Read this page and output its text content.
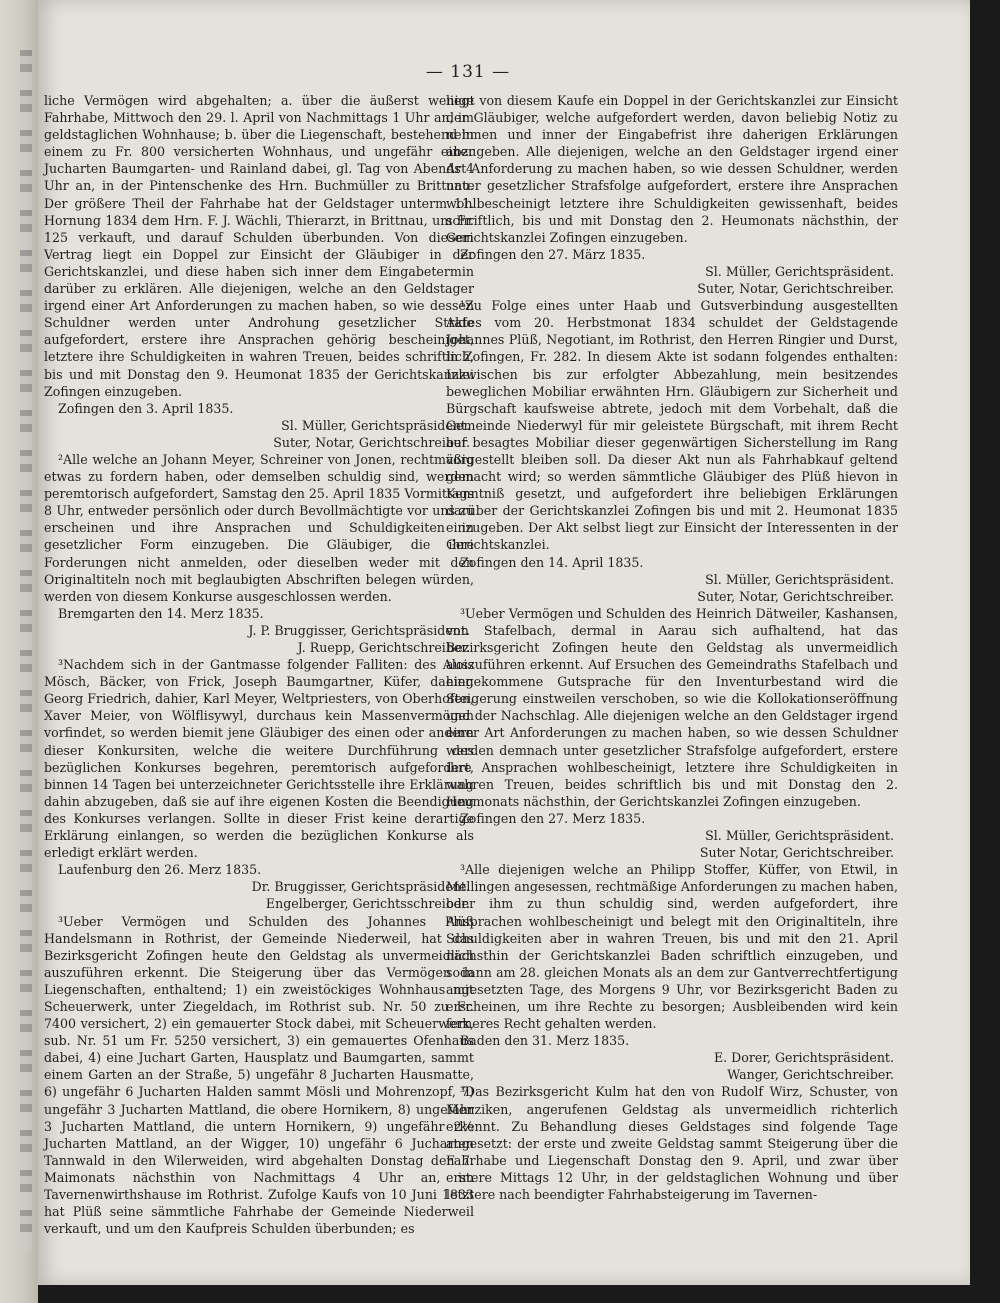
— 131 —

liche Vermögen wird abgehalten; a. über die äußerst wenige Fahrhabe, Mittwoch den 29. l. April von Nachmittags 1 Uhr an, im geldstaglichen Wohnhause; b. über die Liegenschaft, bestehend in einem zu Fr. 800 versicherten Wohnhaus, und ungefähr einer Jucharten Baumgarten- und Rainland dabei, gl. Tag von Abends 4 Uhr an, in der Pintenschenke des Hrn. Buchmüller zu Brittnau. Der größere Theil der Fahrhabe hat der Geldstager unterm 11. Hornung 1834 dem Hrn. F. J. Wächli, Thierarzt, in Brittnau, um Fr. 125 verkauft, und darauf Schulden überbunden. Von diesem Vertrag liegt ein Doppel zur Einsicht der Gläubiger in der Gerichtskanzlei, und diese haben sich inner dem Eingabetermin darüber zu erklären. Alle diejenigen, welche an den Geldstager irgend einer Art Anforderungen zu machen haben, so wie dessen Schuldner werden unter Androhung gesetzlicher Strafe aufgefordert, erstere ihre Ansprachen gehörig bescheiniget, letztere ihre Schuldigkeiten in wahren Treuen, beides schriftlich, bis und mit Donstag den 9. Heumonat 1835 der Gerichtskanzlei Zofingen einzugeben.

Zofingen den 3. April 1835.

Sl. Müller, Gerichtspräsident.

Suter, Notar, Gerichtschreiber.

²Alle welche an Johann Meyer, Schreiner von Jonen, rechtmäßig etwas zu fordern haben, oder demselben schuldig sind, werden peremtorisch aufgefordert, Samstag den 25. April 1835 Vormittags 8 Uhr, entweder persönlich oder durch Bevollmächtigte vor uns zu erscheinen und ihre Ansprachen und Schuldigkeiten in gesetzlicher Form einzugeben. Die Gläubiger, die ihre Forderungen nicht anmelden, oder dieselben weder mit den Originaltiteln noch mit beglaubigten Abschriften belegen würden, werden von diesem Konkurse ausgeschlossen werden.

Bremgarten den 14. Merz 1835.

J. P. Bruggisser, Gerichtspräsident.

J. Ruepp, Gerichtschreiber.

³Nachdem sich in der Gantmasse folgender Falliten: des Alois Mösch, Bäcker, von Frick, Joseph Baumgartner, Küfer, dahier, Georg Friedrich, dahier, Karl Meyer, Weltpriesters, von Oberhofen, Xaver Meier, von Wölflisywyl, durchaus kein Massenvermögen vorfindet, so werden biemit jene Gläubiger des einen oder andern dieser Konkursiten, welche die weitere Durchführung des bezüglichen Konkurses begehren, peremtorisch aufgefordert, binnen 14 Tagen bei unterzeichneter Gerichtsstelle ihre Erklärung dahin abzugeben, daß sie auf ihre eigenen Kosten die Beendigung des Konkurses verlangen. Sollte in dieser Frist keine derartige Erklärung einlangen, so werden die bezüglichen Konkurse als erledigt erklärt werden.

Laufenburg den 26. Merz 1835.

Dr. Bruggisser, Gerichtspräsident.

Engelberger, Gerichtsschreiber.

³Ueber Vermögen und Schulden des Johannes Plüß Handelsmann in Rothrist, der Gemeinde Niederweil, hat das Bezirksgericht Zofingen heute den Geldstag als unvermeidlich auszuführen erkennt. Die Steigerung über das Vermögen in Liegenschaften, enthaltend; 1) ein zweistöckiges Wohnhaus mit Scheuerwerk, unter Ziegeldach, im Rothrist sub. Nr. 50 zu Fr. 7400 versichert, 2) ein gemauerter Stock dabei, mit Scheuerwerk, sub. Nr. 51 um Fr. 5250 versichert, 3) ein gemauertes Ofenhaus dabei, 4) eine Juchart Garten, Hausplatz und Baumgarten, sammt einem Garten an der Straße, 5) ungefähr 8 Jucharten Hausmatte, 6) ungefähr 6 Jucharten Halden sammt Mösli und Mohrenzopf, 7) ungefähr 3 Jucharten Mattland, die obere Hornikern, 8) ungefähr 3 Jucharten Mattland, die untern Hornikern, 9) ungefähr 2½ Jucharten Mattland, an der Wigger, 10) ungefähr 6 Jucharten Tannwald in den Wilerweiden, wird abgehalten Donstag den 7. Maimonats nächsthin von Nachmittags 4 Uhr an, im Tavernenwirthshause im Rothrist. Zufolge Kaufs von 10 Juni 1833 hat Plüß seine sämmtliche Fahrhabe der Gemeinde Niederweil verkauft, und um den Kaufpreis Schulden überbunden; es

liegt von diesem Kaufe ein Doppel in der Gerichtskanzlei zur Einsicht der Gläubiger, welche aufgefordert werden, davon beliebig Notiz zu nehmen und inner der Eingabefrist ihre daherigen Erklärungen abzugeben. Alle diejenigen, welche an den Geldstager irgend einer Art Anforderung zu machen haben, so wie dessen Schuldner, werden unter gesetzlicher Strafsfolge aufgefordert, erstere ihre Ansprachen wohlbescheinigt letztere ihre Schuldigkeiten gewissenhaft, beides schriftlich, bis und mit Donstag den 2. Heumonats nächsthin, der Gerichtskanzlei Zofingen einzugeben.

Zofingen den 27. März 1835.

Sl. Müller, Gerichtspräsident.

Suter, Notar, Gerichtschreiber.

¹Zu Folge eines unter Haab und Gutsverbindung ausgestellten Aktes vom 20. Herbstmonat 1834 schuldet der Geldstagende Johannes Plüß, Negotiant, im Rothrist, den Herren Ringier und Durst, in Zofingen, Fr. 282. In diesem Akte ist sodann folgendes enthalten: Inzwischen bis zur erfolgter Abbezahlung, mein besitzendes beweglichen Mobiliar erwähnten Hrn. Gläubigern zur Sicherheit und Bürgschaft kaufsweise abtrete, jedoch mit dem Vorbehalt, daß die Gemeinde Niederwyl für mir geleistete Bürgschaft, mit ihrem Recht auf besagtes Mobiliar dieser gegenwärtigen Sicherstellung im Rang vorgestellt bleiben soll. Da dieser Akt nun als Fahrhabkauf geltend gemacht wird; so werden sämmtliche Gläubiger des Plüß hievon in Kenntniß gesetzt, und aufgefordert ihre beliebigen Erklärungen darüber der Gerichtskanzlei Zofingen bis und mit 2. Heumonat 1835 einzugeben. Der Akt selbst liegt zur Einsicht der Interessenten in der Gerichtskanzlei.

Zofingen den 14. April 1835.

Sl. Müller, Gerichtspräsident.

Suter, Notar, Gerichtschreiber.

³Ueber Vermögen und Schulden des Heinrich Dätweiler, Kashansen, von Stafelbach, dermal in Aarau sich aufhaltend, hat das Bezirksgericht Zofingen heute den Geldstag als unvermeidlich auszuführen erkennt. Auf Ersuchen des Gemeindraths Stafelbach und eingekommene Gutsprache für den Inventurbestand wird die Steigerung einstweilen verschoben, so wie die Kollokationseröffnung und der Nachschlag. Alle diejenigen welche an den Geldstager irgend einer Art Anforderungen zu machen haben, so wie dessen Schuldner werden demnach unter gesetzlicher Strafsfolge aufgefordert, erstere ihre Ansprachen wohlbescheinigt, letztere ihre Schuldigkeiten in wahren Treuen, beides schriftlich bis und mit Donstag den 2. Heumonats nächsthin, der Gerichtskanzlei Zofingen einzugeben.

Zofingen den 27. Merz 1835.

Sl. Müller, Gerichtspräsident.

Suter Notar, Gerichtschreiber.

³Alle diejenigen welche an Philipp Stoffer, Küffer, von Etwil, in Mellingen angesessen, rechtmäßige Anforderungen zu machen haben, oder ihm zu thun schuldig sind, werden aufgefordert, ihre Ansprachen wohlbescheinigt und belegt mit den Originaltiteln, ihre Schuldigkeiten aber in wahren Treuen, bis und mit den 21. April nächsthin der Gerichtskanzlei Baden schriftlich einzugeben, und sodann am 28. gleichen Monats als an dem zur Gantverrechtfertigung angesetzten Tage, des Morgens 9 Uhr, vor Bezirksgericht Baden zu erscheinen, um ihre Rechte zu besorgen; Ausbleibenden wird kein ferneres Recht gehalten werden.

Baden den 31. Merz 1835.

E. Dorer, Gerichtspräsident.

Wanger, Gerichtschreiber.

³Das Bezirksgericht Kulm hat den von Rudolf Wirz, Schuster, von Menziken, angerufenen Geldstag als unvermeidlich richterlich erkennt. Zu Behandlung dieses Geldstages sind folgende Tage angesetzt: der erste und zweite Geldstag sammt Steigerung über die Fahrhabe und Liegenschaft Donstag den 9. April, und zwar über erstere Mittags 12 Uhr, in der geldstaglichen Wohnung und über letztere nach beendigter Fahrhabsteigerung im Tavernen-
